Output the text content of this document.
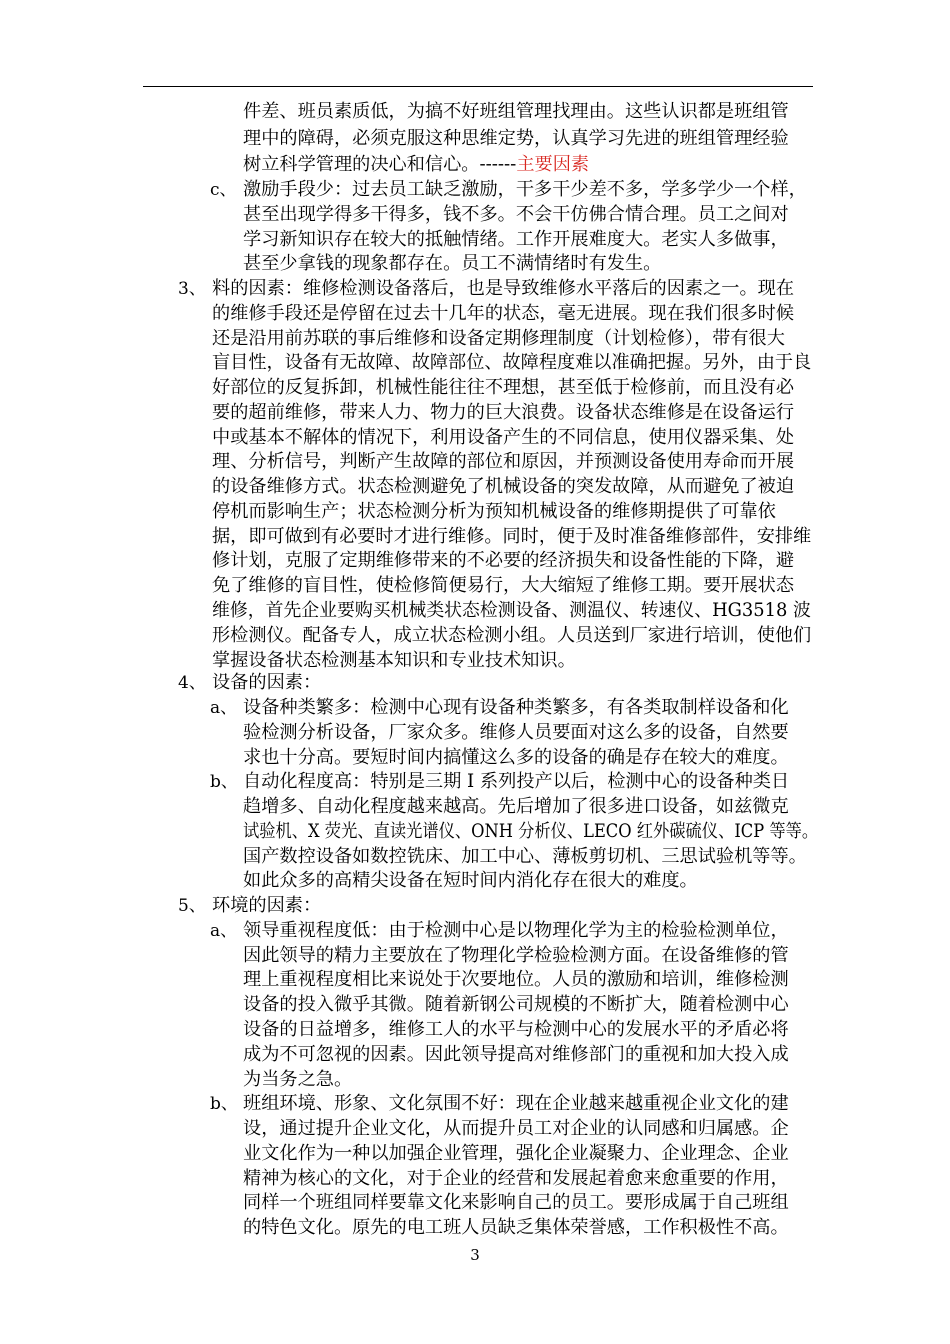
件差、班员素质低，为搞不好班组管理找理由。这些认识都是班组管
理中的障碍，必须克服这种思维定势，认真学习先进的班组管理经验
树立科学管理的决心和信心。------主要因素
c、 激励手段少：过去员工缺乏激励，干多干少差不多，学多学少一个样，
甚至出现学得多干得多，钱不多。不会干仿佛合情合理。员工之间对
学习新知识存在较大的抵触情绪。工作开展难度大。老实人多做事，
甚至少拿钱的现象都存在。员工不满情绪时有发生。
3、 料的因素：维修检测设备落后，也是导致维修水平落后的因素之一。现在
的维修手段还是停留在过去十几年的状态，毫无进展。现在我们很多时候
还是沿用前苏联的事后维修和设备定期修理制度（计划检修），带有很大
盲目性，设备有无故障、故障部位、故障程度难以准确把握。另外，由于良
好部位的反复拆卸，机械性能往往不理想，甚至低于检修前，而且没有必
要的超前维修，带来人力、物力的巨大浪费。设备状态维修是在设备运行
中或基本不解体的情况下，利用设备产生的不同信息，使用仪器采集、处
理、分析信号，判断产生故障的部位和原因，并预测设备使用寿命而开展
的设备维修方式。状态检测避免了机械设备的突发故障，从而避免了被迫
停机而影响生产；状态检测分析为预知机械设备的维修期提供了可靠依
据，即可做到有必要时才进行维修。同时，便于及时准备维修部件，安排维
修计划，克服了定期维修带来的不必要的经济损失和设备性能的下降，避
免了维修的盲目性，使检修简便易行，大大缩短了维修工期。要开展状态
维修，首先企业要购买机械类状态检测设备、测温仪、转速仪、HG3518 波
形检测仪。配备专人，成立状态检测小组。人员送到厂家进行培训，使他们
掌握设备状态检测基本知识和专业技术知识。
4、 设备的因素：
a、 设备种类繁多：检测中心现有设备种类繁多，有各类取制样设备和化
验检测分析设备，厂家众多。维修人员要面对这么多的设备，自然要
求也十分高。要短时间内搞懂这么多的设备的确是存在较大的难度。
b、 自动化程度高：特别是三期 I 系列投产以后，检测中心的设备种类日
趋增多、自动化程度越来越高。先后增加了很多进口设备，如兹微克
试验机、X 荧光、直读光谱仪、ONH 分析仪、LECO 红外碳硫仪、ICP 等等。
国产数控设备如数控铣床、加工中心、薄板剪切机、三思试验机等等。
如此众多的高精尖设备在短时间内消化存在很大的难度。
5、 环境的因素：
a、 领导重视程度低：由于检测中心是以物理化学为主的检验检测单位，
因此领导的精力主要放在了物理化学检验检测方面。在设备维修的管
理上重视程度相比来说处于次要地位。人员的激励和培训，维修检测
设备的投入微乎其微。随着新钢公司规模的不断扩大，随着检测中心
设备的日益增多，维修工人的水平与检测中心的发展水平的矛盾必将
成为不可忽视的因素。因此领导提高对维修部门的重视和加大投入成
为当务之急。
b、 班组环境、形象、文化氛围不好：现在企业越来越重视企业文化的建
设，通过提升企业文化，从而提升员工对企业的认同感和归属感。企
业文化作为一种以加强企业管理，强化企业凝聚力、企业理念、企业
精神为核心的文化，对于企业的经营和发展起着愈来愈重要的作用，
同样一个班组同样要靠文化来影响自己的员工。要形成属于自己班组
的特色文化。原先的电工班人员缺乏集体荣誉感，工作积极性不高。
3
